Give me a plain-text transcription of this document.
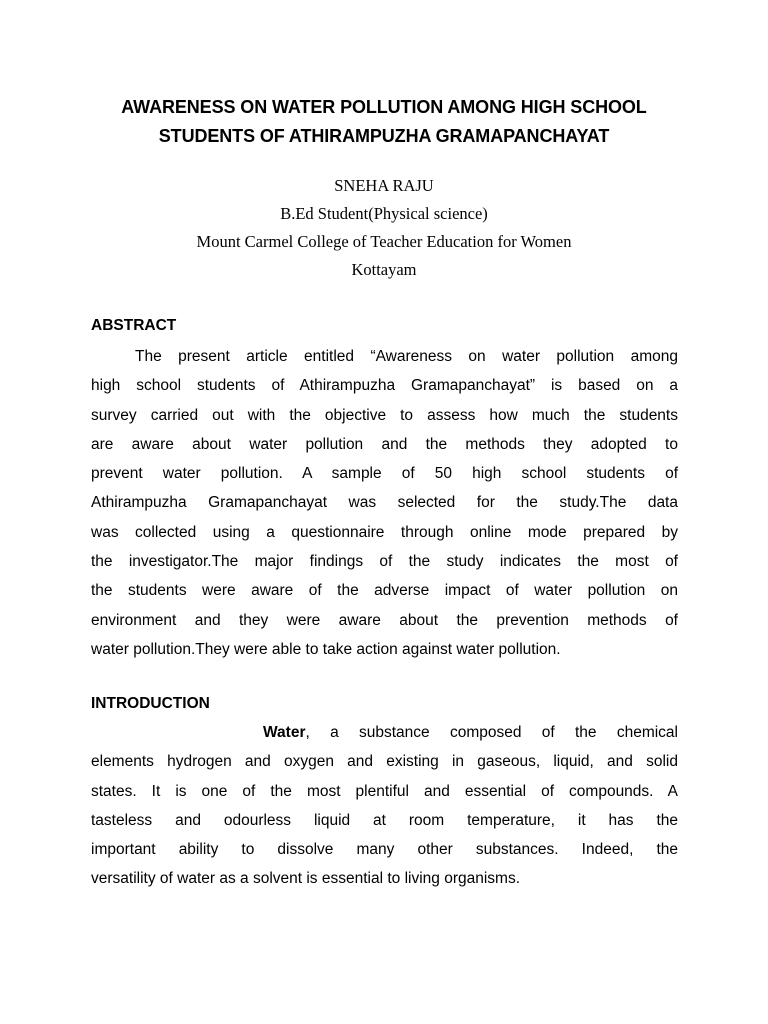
AWARENESS ON WATER POLLUTION AMONG HIGH SCHOOL
STUDENTS OF ATHIRAMPUZHA GRAMAPANCHAYAT
SNEHA RAJU
B.Ed Student(Physical science)
Mount Carmel College of Teacher Education for Women
Kottayam
ABSTRACT
The present article entitled “Awareness on water pollution among
high school students of Athirampuzha Gramapanchayat” is based on a
survey carried out with the objective to assess how much the students
are aware about water pollution and the methods they adopted to
prevent water pollution. A sample of 50 high school students of
Athirampuzha Gramapanchayat was selected for the study.The data
was collected using a questionnaire through online mode prepared by
the investigator.The major findings of the study indicates the most of
the students were aware of the adverse impact of water pollution on
environment and they were aware about the prevention methods of
water pollution.They were able to take action against water pollution.
INTRODUCTION
Water, a substance composed of the chemical
elements hydrogen and oxygen and existing in gaseous, liquid, and solid
states. It is one of the most plentiful and essential of compounds. A
tasteless and odourless liquid at room temperature, it has the
important ability to dissolve many other substances. Indeed, the
versatility of water as a solvent is essential to living organisms.
